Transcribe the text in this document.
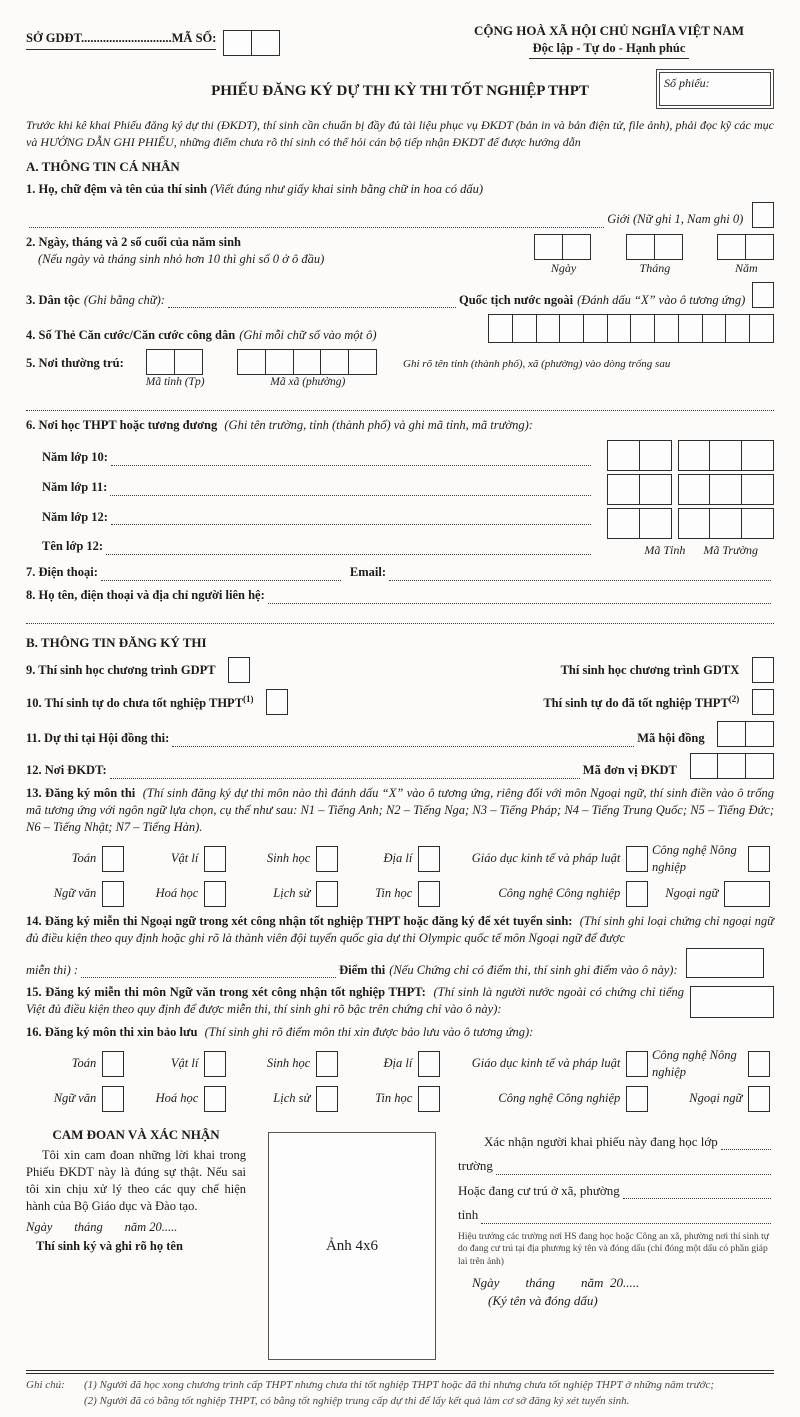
SỞ GDĐT.............................MÃ SỐ:	CỘNG HOÀ XÃ HỘI CHỦ NGHĨA VIỆT NAM
Độc lập - Tự do - Hạnh phúc
PHIẾU ĐĂNG KÝ DỰ THI KỲ THI TỐT NGHIỆP THPT	Số phiếu:
Trước khi kê khai Phiếu đăng ký dự thi (ĐKDT), thí sinh cần chuẩn bị đầy đủ tài liệu phục vụ ĐKDT (bản in và bản điện tử, file ảnh), phải đọc kỹ các mục và HƯỚNG DẪN GHI PHIẾU, những điểm chưa rõ thí sinh có thể hỏi cán bộ tiếp nhận ĐKDT để được hướng dẫn
A. THÔNG TIN CÁ NHÂN
1. Họ, chữ đệm và tên của thí sinh (Viết đúng như giấy khai sinh bằng chữ in hoa có dấu)
Giới (Nữ ghi 1, Nam ghi 0)
2. Ngày, tháng và 2 số cuối của năm sinh
(Nếu ngày và tháng sinh nhỏ hơn 10 thì ghi số 0 ở ô đầu)
Ngày	Tháng	Năm
3. Dân tộc (Ghi bằng chữ):	Quốc tịch nước ngoài (Đánh dấu “X” vào ô tương ứng)
4. Số Thẻ Căn cước/Căn cước công dân (Ghi mỗi chữ số vào một ô)
5. Nơi thường trú:
Mã tỉnh (Tp)	Mã xã (phường)
Ghi rõ tên tỉnh (thành phố), xã (phường) vào dòng trống sau
6. Nơi học THPT hoặc tương đương (Ghi tên trường, tỉnh (thành phố) và ghi mã tỉnh, mã trường):
Năm lớp 10:
Năm lớp 11:
Năm lớp 12:
Tên lớp 12:	Mã Tỉnh Mã Trường
7. Điện thoại:	Email:
8. Họ tên, điện thoại và địa chỉ người liên hệ:
B. THÔNG TIN ĐĂNG KÝ THI
9. Thí sinh học chương trình GDPT	Thí sinh học chương trình GDTX
10. Thí sinh tự do chưa tốt nghiệp THPT$^{(1)}$	Thí sinh tự do đã tốt nghiệp THPT$^{(2)}$
11. Dự thi tại Hội đồng thi:	Mã hội đồng
12. Nơi ĐKDT:	Mã đơn vị ĐKDT
13. Đăng ký môn thi (Thí sinh đăng ký dự thi môn nào thì đánh dấu “X” vào ô tương ứng, riêng đối với môn Ngoại ngữ, thí sinh điền vào ô trống mã tương ứng với ngôn ngữ lựa chọn, cụ thể như sau: N1 – Tiếng Anh; N2 – Tiếng Nga; N3 – Tiếng Pháp; N4 – Tiếng Trung Quốc; N5 – Tiếng Đức; N6 – Tiếng Nhật; N7 – Tiếng Hàn).
Toán	Vật lí	Sinh học	Địa lí	Giáo dục kinh tế và pháp luật
Công nghệ Nông nghiệp
Ngữ văn	Hoá học	Lịch sử	Tin học	Công nghệ Công nghiệp	Ngoại ngữ
14. Đăng ký miễn thi Ngoại ngữ trong xét công nhận tốt nghiệp THPT hoặc đăng ký để xét tuyển sinh: (Thí sinh ghi loại chứng chỉ ngoại ngữ đủ điều kiện theo quy định hoặc ghi rõ là thành viên đội tuyển quốc gia dự thi Olympic quốc tế môn Ngoại ngữ để được
miễn thi) :	Điểm thi (Nếu Chứng chỉ có điểm thi, thí sinh ghi điểm vào ô này):
15. Đăng ký miễn thi môn Ngữ văn trong xét công nhận tốt nghiệp THPT: (Thí sinh là người nước ngoài có chứng chỉ tiếng Việt đủ điều kiện theo quy định để được miễn thi, thí sinh ghi rõ bậc trên chứng chỉ vào ô này):
16. Đăng ký môn thi xin bảo lưu (Thí sinh ghi rõ điểm môn thi xin được bảo lưu vào ô tương ứng):
Toán	Vật lí	Sinh học	Địa lí	Giáo dục kinh tế và pháp luật
Công nghệ Nông nghiệp
Ngữ văn	Hoá học	Lịch sử	Tin học	Công nghệ Công nghiệp	Ngoại ngữ
CAM ĐOAN VÀ XÁC NHẬN
Tôi xin cam đoan những lời khai trong Phiếu ĐKDT này là đúng sự thật. Nếu sai tôi xin chịu xử lý theo các quy chế hiện hành của Bộ Giáo dục và Đào tạo.
Ngày       tháng       năm 20.....
Thí sinh ký và ghi rõ họ tên	Ảnh 4x6
Xác nhận người khai phiếu này đang học lớp
trường
Hoặc đang cư trú ở xã, phường
tỉnh
Hiệu trưởng các trường nơi HS đang học hoặc Công an xã, phường nơi thí sinh tự do đang cư trú tại địa phương ký tên và đóng dấu (chỉ đóng một dấu có phần giáp lai trên ảnh)
Ngày        tháng        năm  20.....
(Ký tên và đóng dấu)
Ghi chú:	(1) Người đã học xong chương trình cấp THPT nhưng chưa thi tốt nghiệp THPT hoặc đã thi nhưng chưa tốt nghiệp THPT ở những năm trước;
(2) Người đã có bằng tốt nghiệp THPT, có bằng tốt nghiệp trung cấp dự thi để lấy kết quả làm cơ sở đăng ký xét tuyển sinh.
